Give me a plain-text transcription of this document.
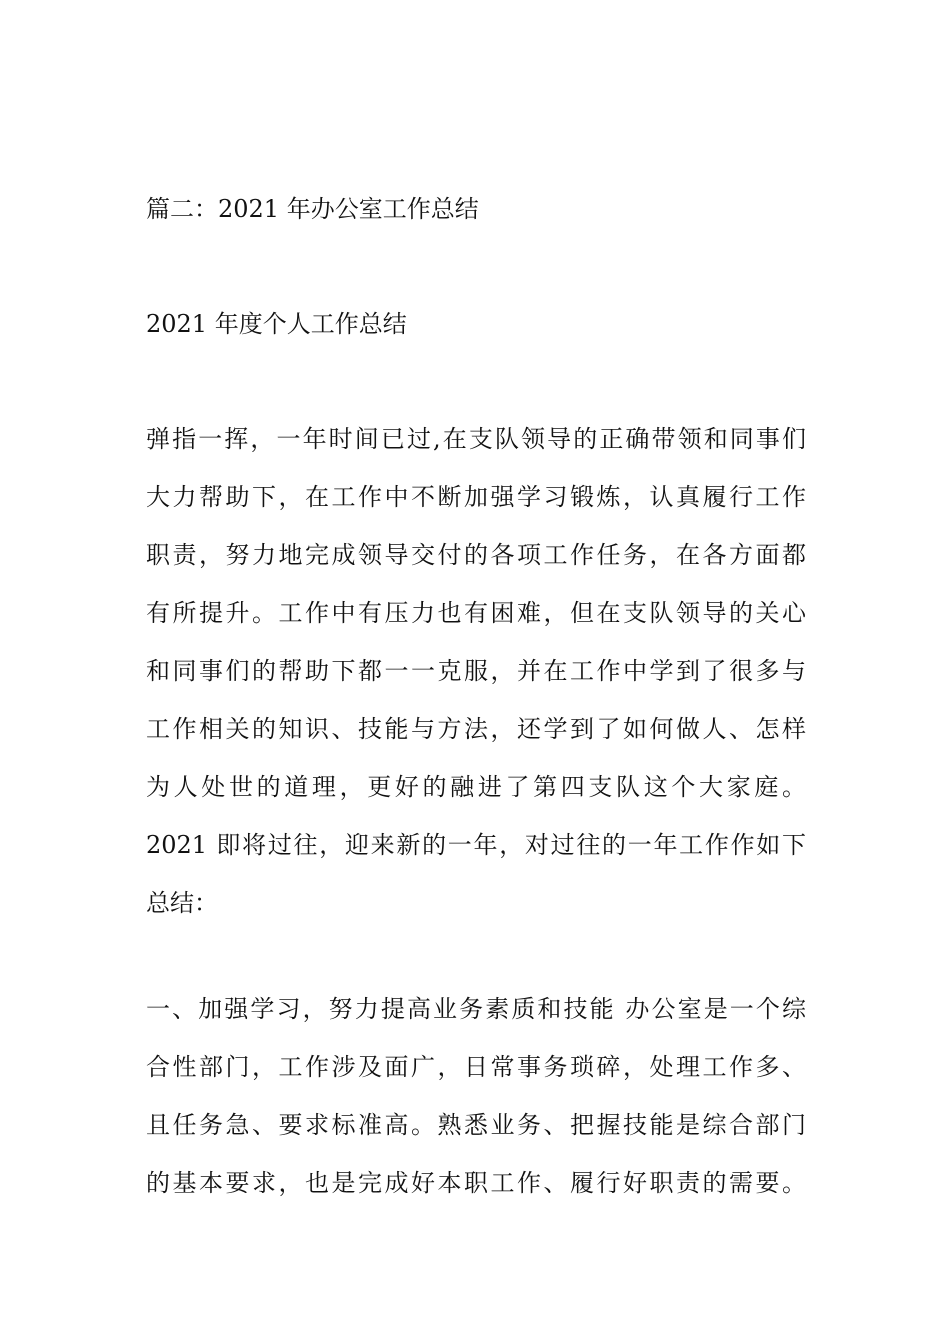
篇二：2021 年办公室工作总结
2021 年度个人工作总结
弹指一挥，一年时间已过,在支队领导的正确带领和同事们
大力帮助下，在工作中不断加强学习锻炼，认真履行工作
职责，努力地完成领导交付的各项工作任务，在各方面都
有所提升。工作中有压力也有困难，但在支队领导的关心
和同事们的帮助下都一一克服，并在工作中学到了很多与
工作相关的知识、技能与方法，还学到了如何做人、怎样
为人处世的道理，更好的融进了第四支队这个大家庭。
2021 即将过往，迎来新的一年，对过往的一年工作作如下
总结：
一、加强学习，努力提高业务素质和技能 办公室是一个综
合性部门，工作涉及面广，日常事务琐碎，处理工作多、
且任务急、要求标准高。熟悉业务、把握技能是综合部门
的基本要求，也是完成好本职工作、履行好职责的需要。
